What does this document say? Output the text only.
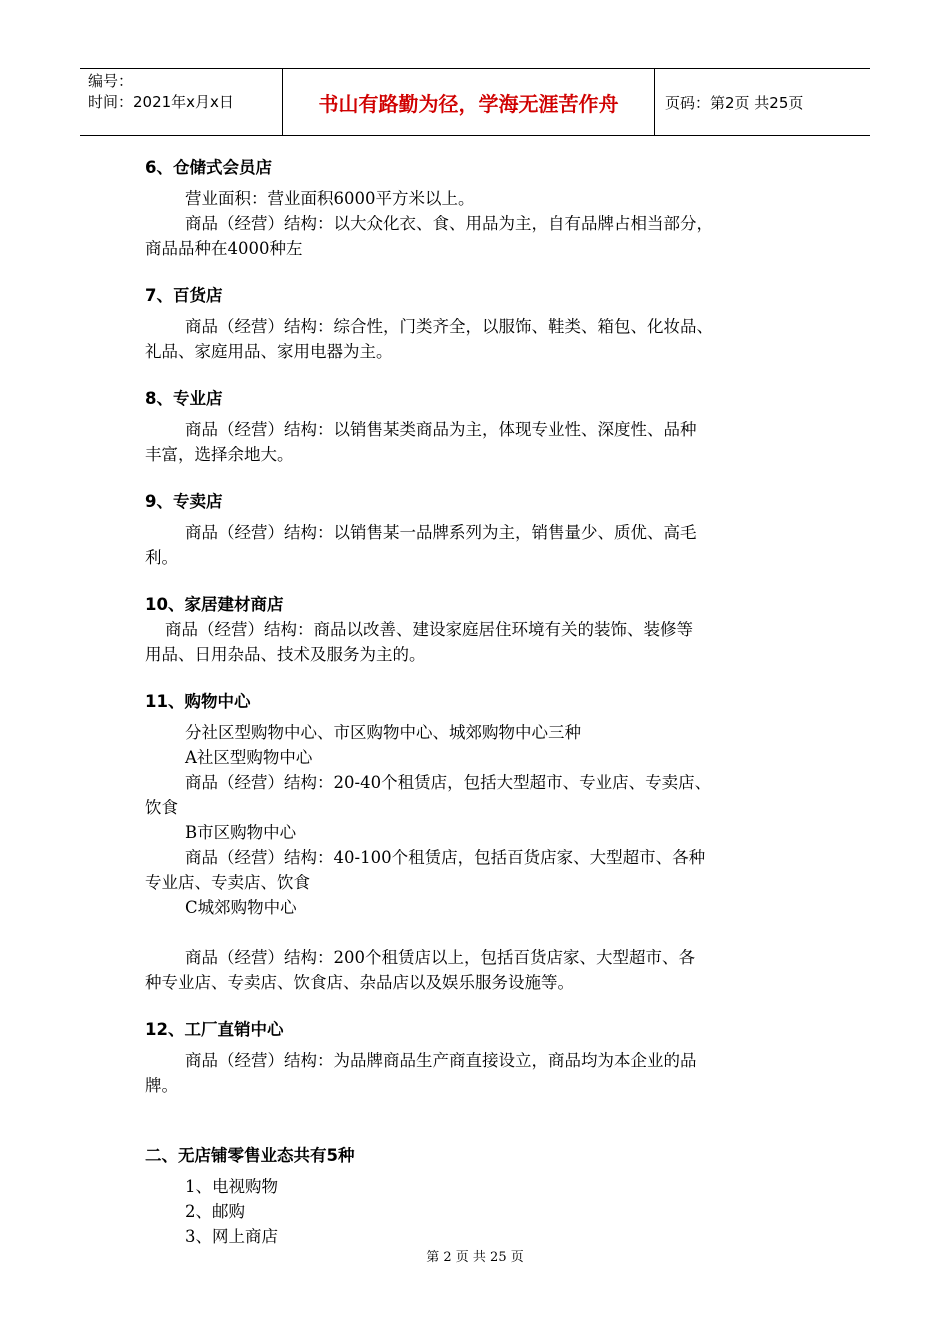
编号：
时间：2021年x月x日	书山有路勤为径，学海无涯苦作舟	页码：第2页 共25页

6、仓储式会员店

营业面积：营业面积6000平方米以上。

商品（经营）结构：以大众化衣、食、用品为主，自有品牌占相当部分，

商品品种在4000种左

7、百货店

商品（经营）结构：综合性，门类齐全，以服饰、鞋类、箱包、化妆品、

礼品、家庭用品、家用电器为主。

8、专业店

商品（经营）结构：以销售某类商品为主，体现专业性、深度性、品种

丰富，选择余地大。

9、专卖店

商品（经营）结构：以销售某一品牌系列为主，销售量少、质优、高毛

利。

10、家居建材商店

商品（经营）结构：商品以改善、建设家庭居住环境有关的装饰、装修等

用品、日用杂品、技术及服务为主的。

11、购物中心

分社区型购物中心、市区购物中心、城郊购物中心三种

A社区型购物中心

商品（经营）结构：20-40个租赁店，包括大型超市、专业店、专卖店、

饮食

B市区购物中心

商品（经营）结构：40-100个租赁店，包括百货店家、大型超市、各种

专业店、专卖店、饮食

C城郊购物中心

商品（经营）结构：200个租赁店以上，包括百货店家、大型超市、各

种专业店、专卖店、饮食店、杂品店以及娱乐服务设施等。

12、工厂直销中心

商品（经营）结构：为品牌商品生产商直接设立，商品均为本企业的品

牌。

二、无店铺零售业态共有5种

1、电视购物

2、邮购

3、网上商店

第 2 页 共 25 页
